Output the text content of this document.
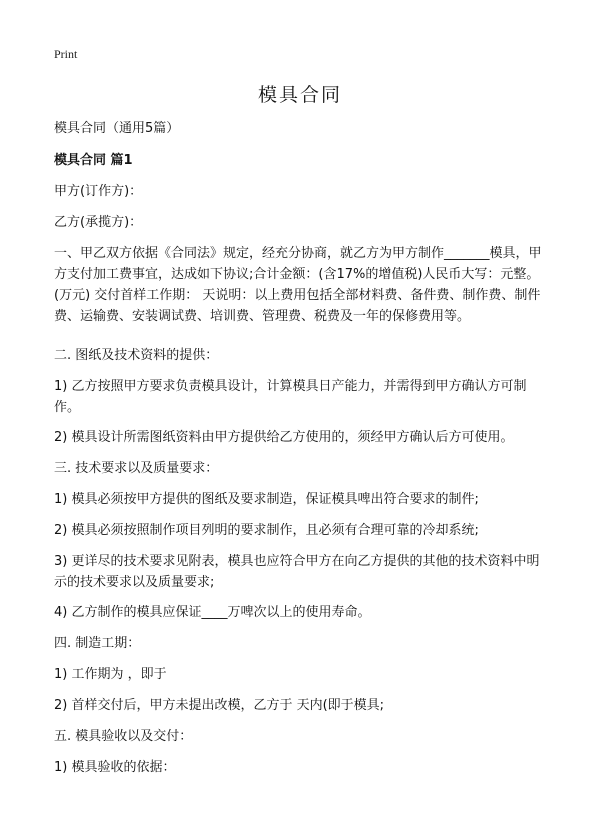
Print
模具合同

模具合同（通用5篇）

模具合同 篇1

甲方(订作方)：

乙方(承揽方)：

一、甲乙双方依据《合同法》规定，经充分协商，就乙方为甲方制作_______模具，甲方支付加工费事宜，达成如下协议;合计金额：(含17%的增值税)人民币大写：元整。(万元) 交付首样工作期： 天说明：以上费用包括全部材料费、备件费、制作费、制件费、运输费、安装调试费、培训费、管理费、税费及一年的保修费用等。

二. 图纸及技术资料的提供：

1) 乙方按照甲方要求负责模具设计，计算模具日产能力，并需得到甲方确认方可制作。

2) 模具设计所需图纸资料由甲方提供给乙方使用的，须经甲方确认后方可使用。

三. 技术要求以及质量要求：

1) 模具必须按甲方提供的图纸及要求制造，保证模具啤出符合要求的制件;

2) 模具必须按照制作项目列明的要求制作，且必须有合理可靠的冷却系统;

3) 更详尽的技术要求见附表，模具也应符合甲方在向乙方提供的其他的技术资料中明示的技术要求以及质量要求;

4) 乙方制作的模具应保证____万啤次以上的使用寿命。

四. 制造工期：

1) 工作期为 ，即于

2) 首样交付后，甲方未提出改模，乙方于 天内(即于模具;

五. 模具验收以及交付：

1) 模具验收的依据：
